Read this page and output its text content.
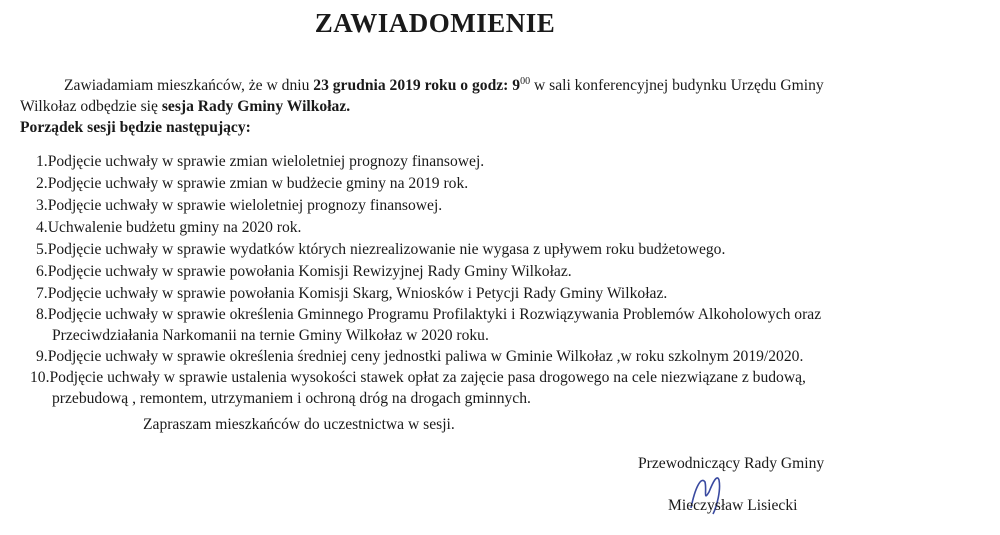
ZAWIADOMIENIE
Zawiadamiam mieszkańców, że w dniu 23 grudnia 2019 roku o godz: $9^{00}$ w sali konferencyjnej budynku Urzędu Gminy
Wilkołaz odbędzie się sesja Rady Gminy Wilkołaz.
Porządek sesji będzie następujący:
1.Podjęcie uchwały w sprawie zmian wieloletniej prognozy finansowej.
2.Podjęcie uchwały w sprawie zmian w budżecie gminy na 2019 rok.
3.Podjęcie uchwały w sprawie wieloletniej prognozy finansowej.
4.Uchwalenie budżetu gminy na 2020 rok.
5.Podjęcie uchwały w sprawie wydatków których niezrealizowanie nie wygasa z upływem roku budżetowego.
6.Podjęcie uchwały w sprawie powołania Komisji Rewizyjnej Rady Gminy Wilkołaz.
7.Podjęcie uchwały w sprawie powołania Komisji Skarg, Wniosków i Petycji Rady Gminy Wilkołaz.
8.Podjęcie uchwały w sprawie określenia Gminnego Programu Profilaktyki i Rozwiązywania Problemów Alkoholowych oraz
Przeciwdziałania Narkomanii na ternie Gminy Wilkołaz w 2020 roku.
9.Podjęcie uchwały w sprawie określenia średniej ceny jednostki paliwa w Gminie Wilkołaz ,w roku szkolnym 2019/2020.
10.Podjęcie uchwały w sprawie ustalenia wysokości stawek opłat za zajęcie pasa drogowego na cele niezwiązane z budową,
przebudową , remontem, utrzymaniem i ochroną dróg na drogach gminnych.
Zapraszam mieszkańców do uczestnictwa w sesji.
Przewodniczący Rady Gminy
Mieczysław Lisiecki
